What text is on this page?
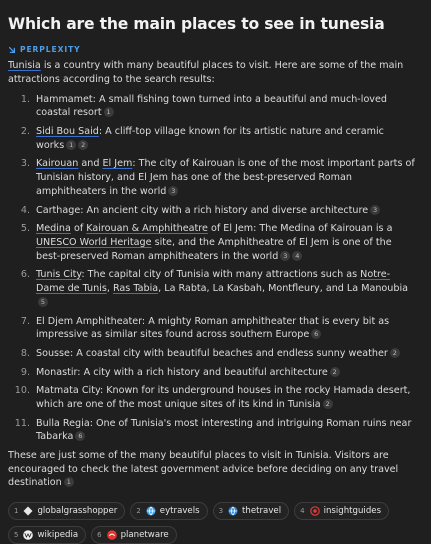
Which are the main places to see in tunesia
PERPLEXITY

Tunisia is a country with many beautiful places to visit. Here are some of the main attractions according to the search results:

1. Hammamet: A small fishing town turned into a beautiful and much-loved coastal resort 1
2. Sidi Bou Said: A cliff-top village known for its artistic nature and ceramic works 1 2
3. Kairouan and El Jem: The city of Kairouan is one of the most important parts of Tunisian history, and El Jem has one of the best-preserved Roman amphitheaters in the world 3
4. Carthage: An ancient city with a rich history and diverse architecture 3
5. Medina of Kairouan & Amphitheatre of El Jem: The Medina of Kairouan is a UNESCO World Heritage site, and the Amphitheatre of El Jem is one of the best-preserved Roman amphitheaters in the world 3 4
6. Tunis City: The capital city of Tunisia with many attractions such as Notre-Dame de Tunis, Ras Tabia, La Rabta, La Kasbah, Montfleury, and La Manoubia5
7. El Djem Amphitheater: A mighty Roman amphitheater that is every bit as impressive as similar sites found across southern Europe 6
8. Sousse: A coastal city with beautiful beaches and endless sunny weather 2
9. Monastir: A city with a rich history and beautiful architecture 2
10. Matmata City: Known for its underground houses in the rocky Hamada desert, which are one of the most unique sites of its kind in Tunisia 2
11. Bulla Regia: One of Tunisia's most interesting and intriguing Roman ruins near Tabarka 6

These are just some of the many beautiful places to visit in Tunisia. Visitors are encouraged to check the latest government advice before deciding on any travel destination 1

1 globalgrasshopper	2 eytravels	3 thetravel	4 insightguides
5 wikipedia	6 planetware
